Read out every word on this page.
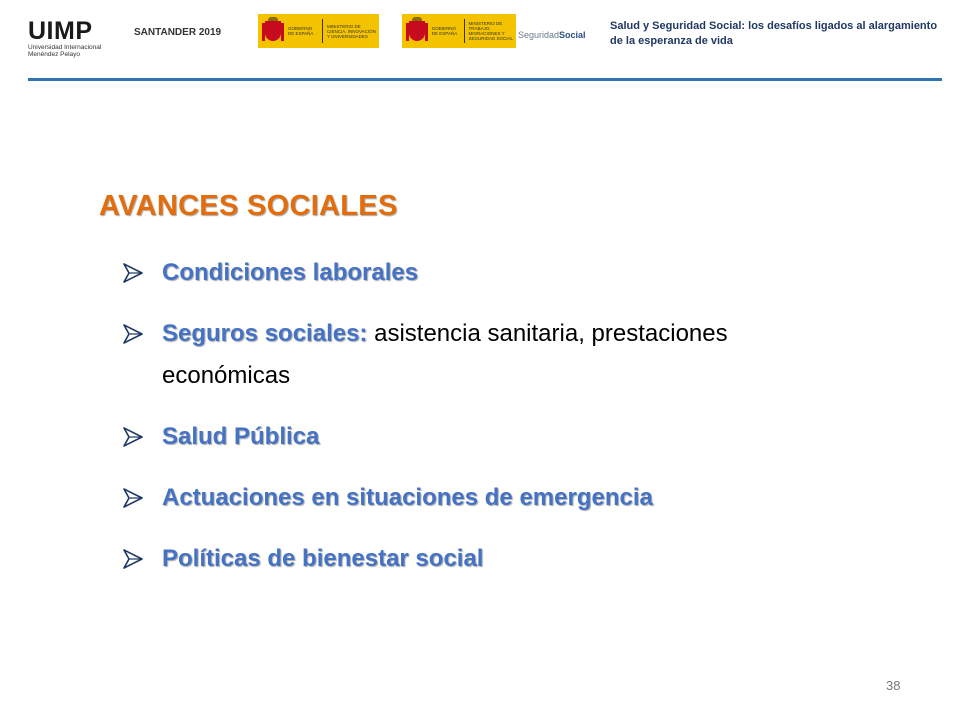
UIMP
Universidad Internacional Menéndez Pelayo
SANTANDER 2019	GOBIERNO DE ESPAÑA
MINISTERIO DE CIENCIA, INNOVACIÓN Y UNIVERSIDADES
GOBIERNO DE ESPAÑA
MINISTERIO DE TRABAJO, MIGRACIONES Y SEGURIDAD SOCIAL SeguridadSocial
Salud y Seguridad Social: los desafíos ligados al alargamiento de la esperanza de vida
AVANCES SOCIALES
Condiciones laborales
Seguros sociales: asistencia sanitaria, prestaciones económicas
Salud Pública
Actuaciones en situaciones de emergencia
Políticas de bienestar social
38
